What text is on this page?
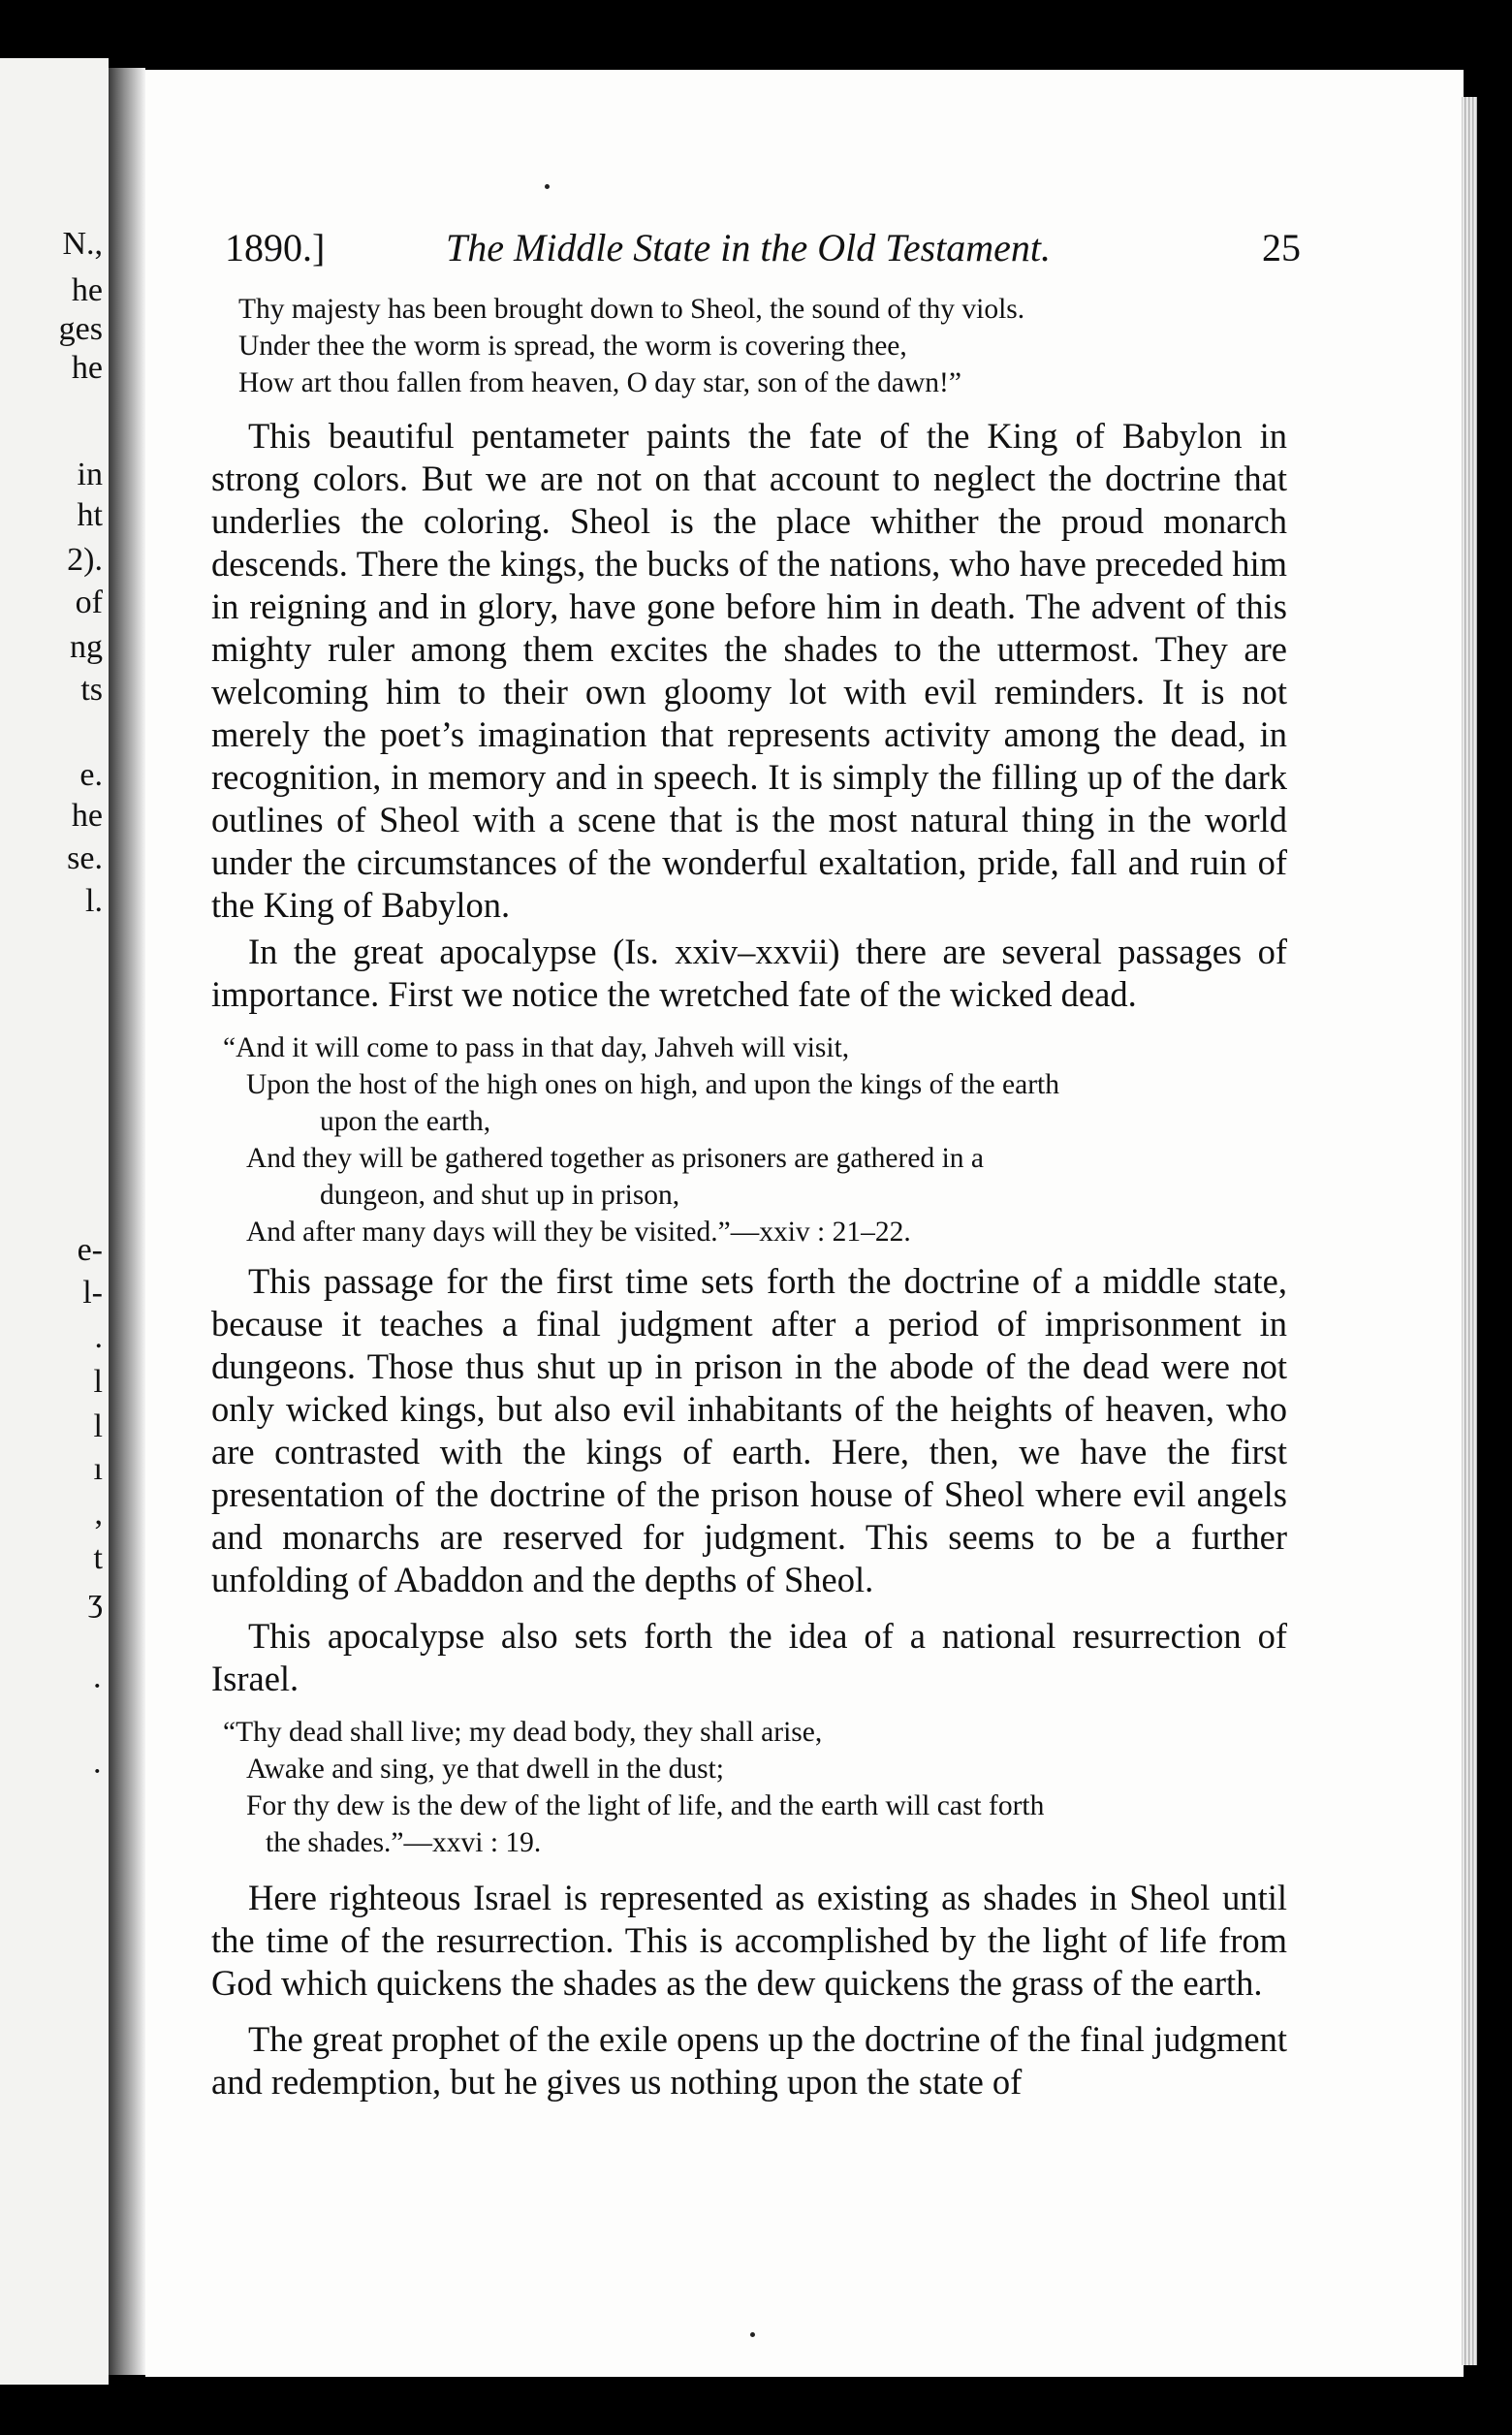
N.,
he
ges
he
in
ht
2).
of
ng
ts
e.
he
se.
l.
e-
l-
.
l
l
ı
,
t
ʒ
·
·
1890.]	The Middle State in the Old Testament.	25
Thy majesty has been brought down to Sheol, the sound of thy viols.
Under thee the worm is spread, the worm is covering thee,
How art thou fallen from heaven, O day star, son of the dawn!”

This beautiful pentameter paints the fate of the King of Babylon in strong colors. But we are not on that account to neglect the doctrine that underlies the coloring. Sheol is the place whither the proud monarch descends. There the kings, the bucks of the nations, who have preceded him in reigning and in glory, have gone before him in death. The advent of this mighty ruler among them excites the shades to the uttermost. They are welcoming him to their own gloomy lot with evil reminders. It is not merely the poet’s imagination that represents activity among the dead, in recognition, in memory and in speech. It is simply the filling up of the dark outlines of Sheol with a scene that is the most natural thing in the world under the circumstances of the wonderful exaltation, pride, fall and ruin of the King of Babylon.

In the great apocalypse (Is. xxiv–xxvii) there are several passages of importance. First we notice the wretched fate of the wicked dead.

“And it will come to pass in that day, Jahveh will visit,
Upon the host of the high ones on high, and upon the kings of the earth
upon the earth,
And they will be gathered together as prisoners are gathered in a
dungeon, and shut up in prison,
And after many days will they be visited.”—xxiv : 21–22.

This passage for the first time sets forth the doctrine of a middle state, because it teaches a final judgment after a period of imprisonment in dungeons. Those thus shut up in prison in the abode of the dead were not only wicked kings, but also evil inhabitants of the heights of heaven, who are contrasted with the kings of earth. Here, then, we have the first presentation of the doctrine of the prison house of Sheol where evil angels and monarchs are reserved for judgment. This seems to be a further unfolding of Abaddon and the depths of Sheol.

This apocalypse also sets forth the idea of a national resurrection of Israel.

“Thy dead shall live; my dead body, they shall arise,
Awake and sing, ye that dwell in the dust;
For thy dew is the dew of the light of life, and the earth will cast forth
the shades.”—xxvi : 19.

Here righteous Israel is represented as existing as shades in Sheol until the time of the resurrection. This is accomplished by the light of life from God which quickens the shades as the dew quickens the grass of the earth.

The great prophet of the exile opens up the doctrine of the final judgment and redemption, but he gives us nothing upon the state of
